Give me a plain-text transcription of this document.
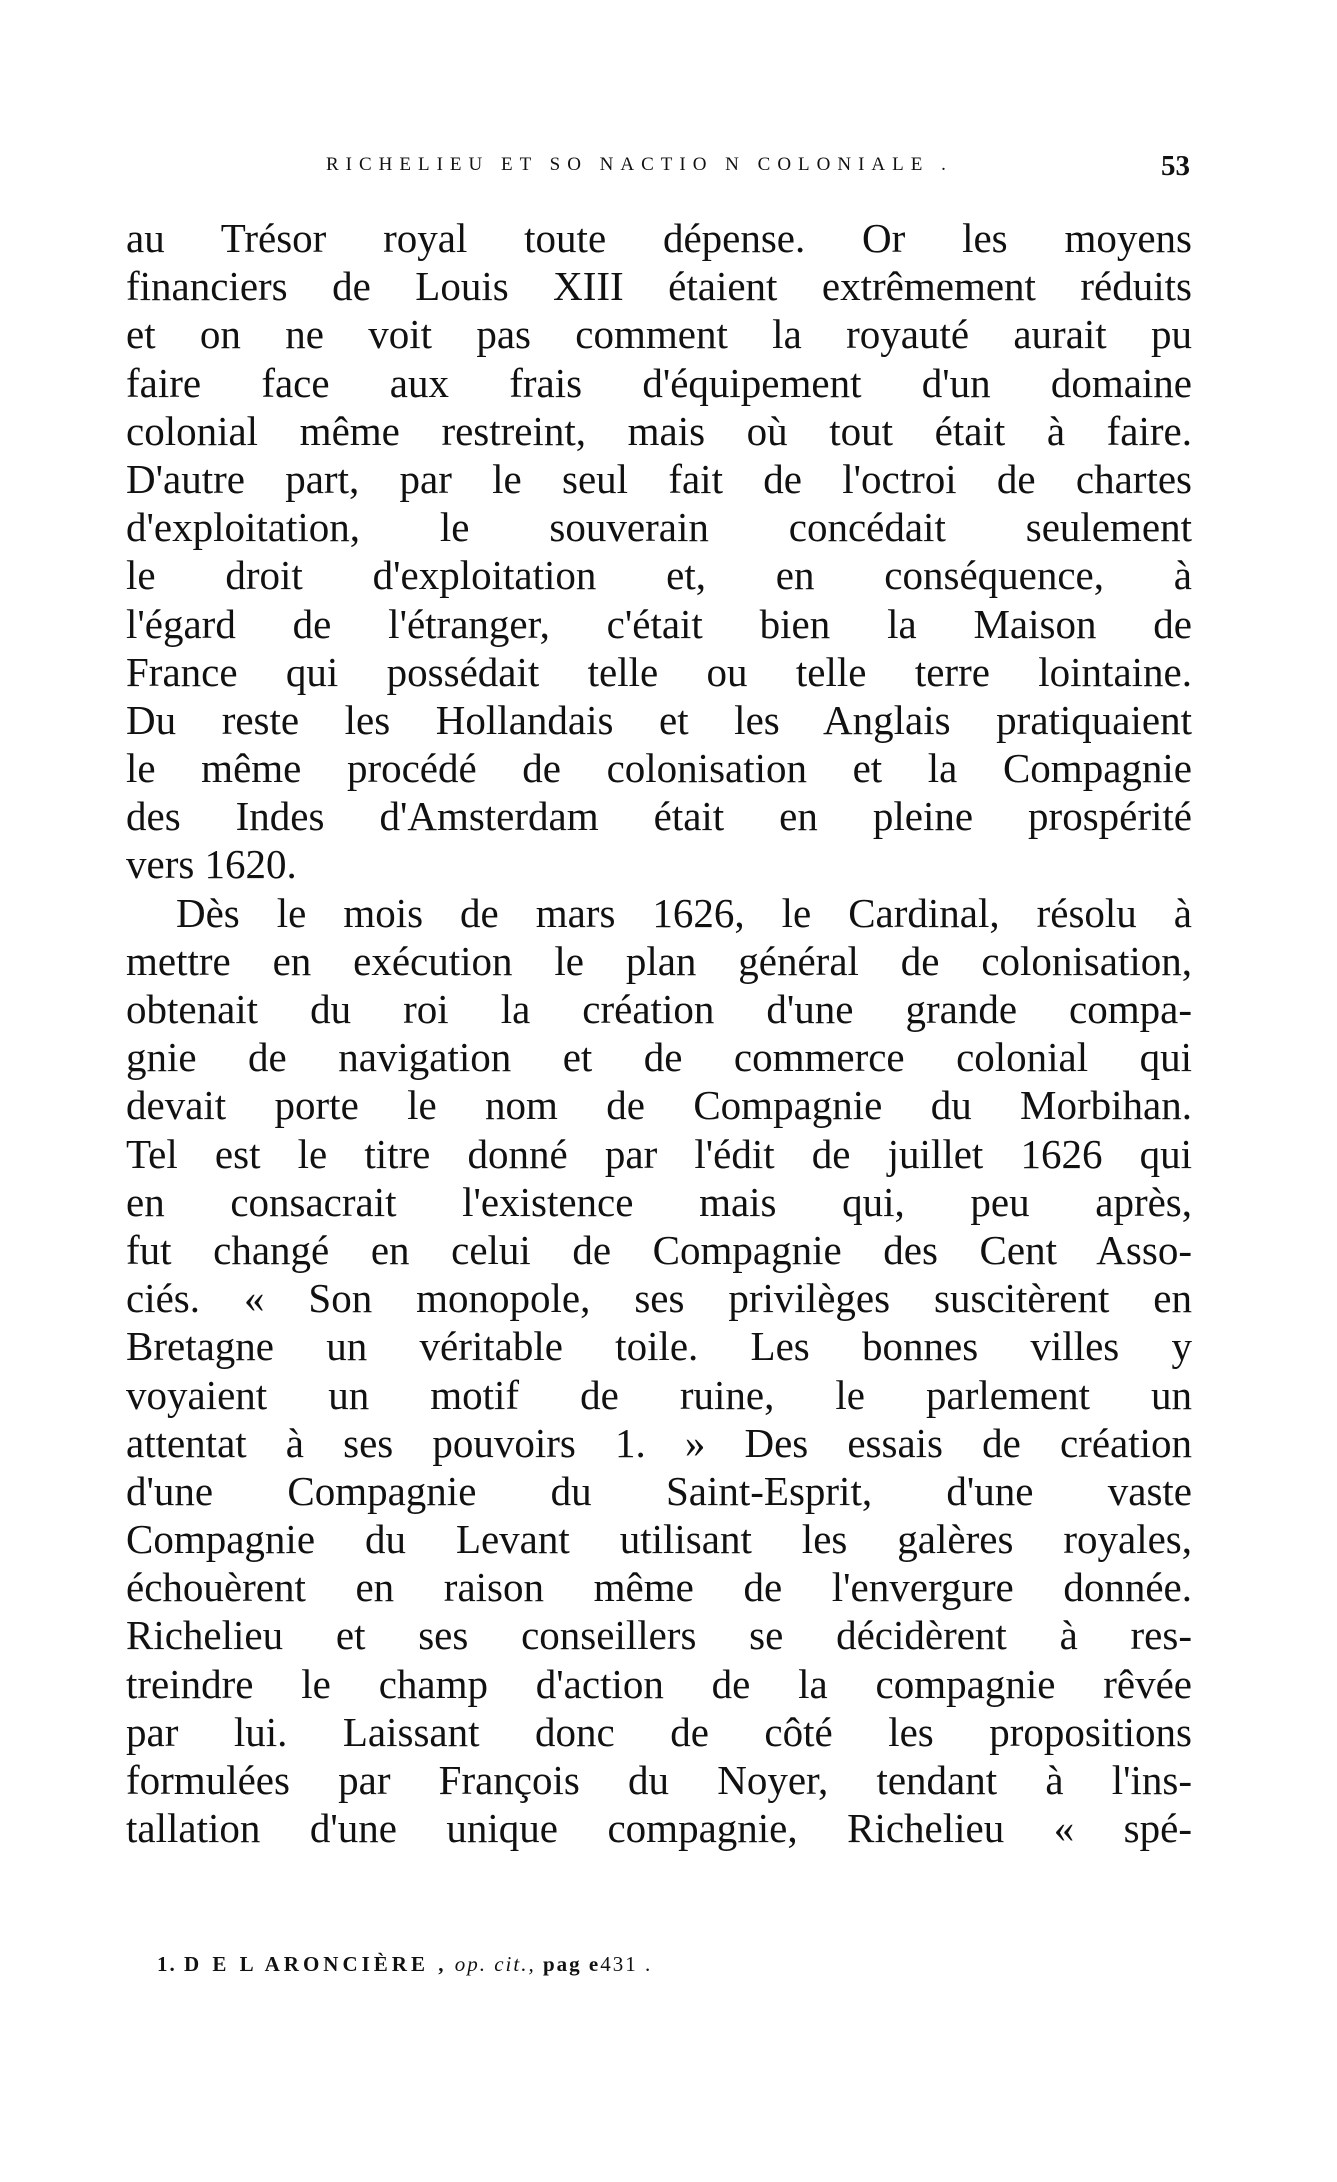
RICHELIEU ET SO NACTIO N COLONIALE .	53
au Trésor royal toute dépense. Or les moyens
financiers de Louis XIII étaient extrêmement réduits
et on ne voit pas comment la royauté aurait pu
faire face aux frais d'équipement d'un domaine
colonial même restreint, mais où tout était à faire.
D'autre part, par le seul fait de l'octroi de chartes
d'exploitation, le souverain concédait seulement
le droit d'exploitation et, en conséquence, à
l'égard de l'étranger, c'était bien la Maison de
France qui possédait telle ou telle terre lointaine.
Du reste les Hollandais et les Anglais pratiquaient
le même procédé de colonisation et la Compagnie
des Indes d'Amsterdam était en pleine prospérité
vers 1620.
Dès le mois de mars 1626, le Cardinal, résolu à
mettre en exécution le plan général de colonisation,
obtenait du roi la création d'une grande compa-
gnie de navigation et de commerce colonial qui
devait porte le nom de Compagnie du Morbihan.
Tel est le titre donné par l'édit de juillet 1626 qui
en consacrait l'existence mais qui, peu après,
fut changé en celui de Compagnie des Cent Asso-
ciés. « Son monopole, ses privilèges suscitèrent en
Bretagne un véritable toile. Les bonnes villes y
voyaient un motif de ruine, le parlement un
attentat à ses pouvoirs 1. » Des essais de création
d'une Compagnie du Saint-Esprit, d'une vaste
Compagnie du Levant utilisant les galères royales,
échouèrent en raison même de l'envergure donnée.
Richelieu et ses conseillers se décidèrent à res-
treindre le champ d'action de la compagnie rêvée
par lui. Laissant donc de côté les propositions
formulées par François du Noyer, tendant à l'ins-
tallation d'une unique compagnie, Richelieu « spé-
1. D E L ARONCIÈRE , op. cit., pag e431 .
